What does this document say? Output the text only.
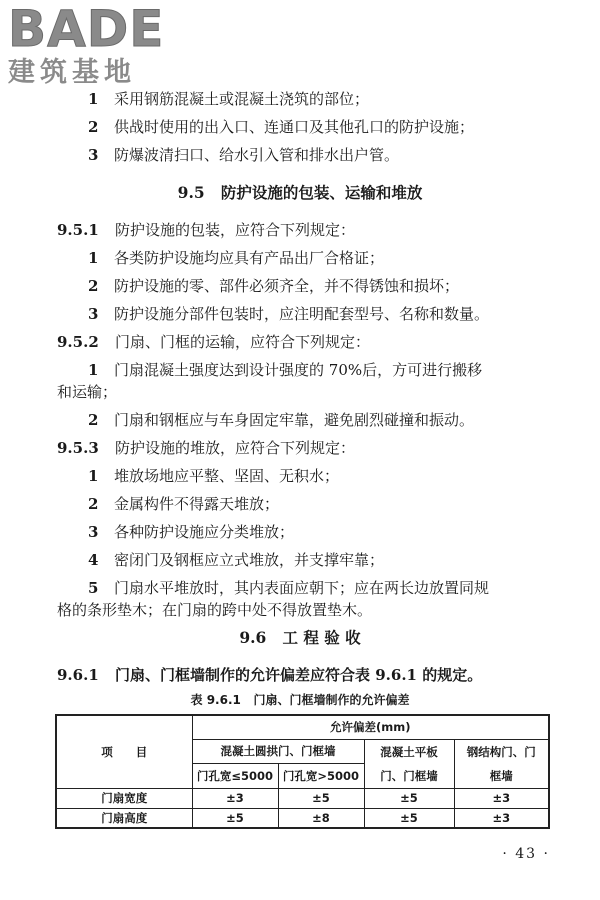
BADE
建筑基地
1 采用钢筋混凝土或混凝土浇筑的部位；
2 供战时使用的出入口、连通口及其他孔口的防护设施；
3 防爆波清扫口、给水引入管和排水出户管。
9.5 防护设施的包装、运输和堆放
9.5.1 防护设施的包装，应符合下列规定：
1 各类防护设施均应具有产品出厂合格证；
2 防护设施的零、部件必须齐全，并不得锈蚀和损坏；
3 防护设施分部件包装时，应注明配套型号、名称和数量。
9.5.2 门扇、门框的运输，应符合下列规定：
1 门扇混凝土强度达到设计强度的 70%后，方可进行搬移
和运输；
2 门扇和钢框应与车身固定牢靠，避免剧烈碰撞和振动。
9.5.3 防护设施的堆放，应符合下列规定：
1 堆放场地应平整、坚固、无积水；
2 金属构件不得露天堆放；
3 各种防护设施应分类堆放；
4 密闭门及钢框应立式堆放，并支撑牢靠；
5 门扇水平堆放时，其内表面应朝下；应在两长边放置同规
格的条形垫木；在门扇的跨中处不得放置垫木。
9.6 工 程 验 收
9.6.1 门扇、门框墙制作的允许偏差应符合表 9.6.1 的规定。
表 9.6.1 门扇、门框墙制作的允许偏差
项　　目	允许偏差(mm)			
	混凝土圆拱门、门框墙		混凝土平板门、门框墙	钢结构门、门框墙
	门孔宽≤5000	门孔宽>5000		
门扇宽度	±3	±5	±5	±3
门扇高度	±5	±8	±5	±3
· 43 ·
